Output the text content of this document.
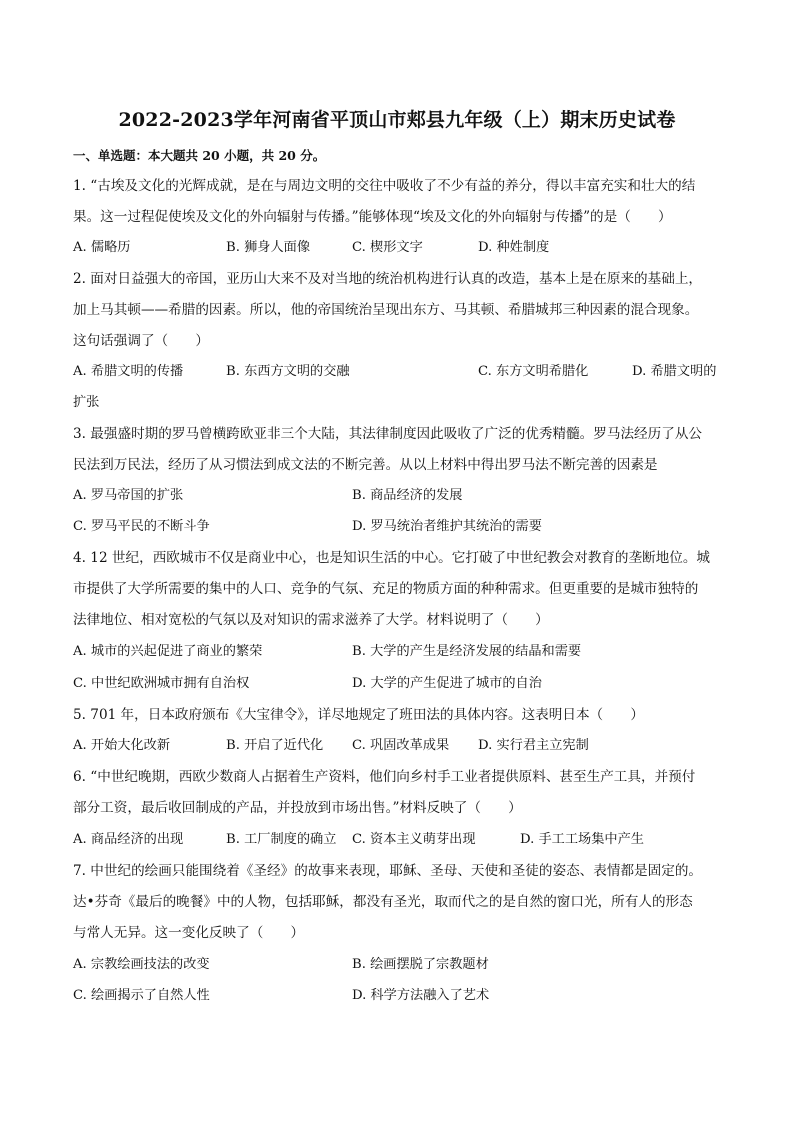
2022-2023学年河南省平顶山市郏县九年级（上）期末历史试卷
一、单选题：本大题共 20 小题，共 20 分。
1. “古埃及文化的光辉成就，是在与周边文明的交往中吸收了不少有益的养分，得以丰富充实和壮大的结
果。这一过程促使埃及文化的外向辐射与传播。”能够体现“埃及文化的外向辐射与传播”的是（　　）
A. 儒略历	B. 狮身人面像	C. 楔形文字	D. 种姓制度
2. 面对日益强大的帝国，亚历山大来不及对当地的统治机构进行认真的改造，基本上是在原来的基础上，
加上马其顿——希腊的因素。所以，他的帝国统治呈现出东方、马其顿、希腊城邦三种因素的混合现象。
这句话强调了（　　）
A. 希腊文明的传播	B. 东西方文明的交融	C. 东方文明希腊化	D. 希腊文明的
扩张
3. 最强盛时期的罗马曾横跨欧亚非三个大陆，其法律制度因此吸收了广泛的优秀精髓。罗马法经历了从公
民法到万民法，经历了从习惯法到成文法的不断完善。从以上材料中得出罗马法不断完善的因素是
A. 罗马帝国的扩张	B. 商品经济的发展
C. 罗马平民的不断斗争	D. 罗马统治者维护其统治的需要
4. 12 世纪，西欧城市不仅是商业中心，也是知识生活的中心。它打破了中世纪教会对教育的垄断地位。城
市提供了大学所需要的集中的人口、竞争的气氛、充足的物质方面的种种需求。但更重要的是城市独特的
法律地位、相对宽松的气氛以及对知识的需求滋养了大学。材料说明了（　　）
A. 城市的兴起促进了商业的繁荣	B. 大学的产生是经济发展的结晶和需要
C. 中世纪欧洲城市拥有自治权	D. 大学的产生促进了城市的自治
5. 701 年，日本政府颁布《大宝律令》，详尽地规定了班田法的具体内容。这表明日本（　　）
A. 开始大化改新	B. 开启了近代化 C. 巩固改革成果 D. 实行君主立宪制
6. “中世纪晚期，西欧少数商人占据着生产资料，他们向乡村手工业者提供原料、甚至生产工具，并预付
部分工资，最后收回制成的产品，并投放到市场出售。”材料反映了（　　）
A. 商品经济的出现	B. 工厂制度的确立 C. 资本主义萌芽出现	D. 手工工场集中产生
7. 中世纪的绘画只能围绕着《圣经》的故事来表现，耶稣、圣母、天使和圣徒的姿态、表情都是固定的。
达•芬奇《最后的晚餐》中的人物，包括耶稣，都没有圣光，取而代之的是自然的窗口光，所有人的形态
与常人无异。这一变化反映了（　　）
A. 宗教绘画技法的改变	B. 绘画摆脱了宗教题材
C. 绘画揭示了自然人性	D. 科学方法融入了艺术
